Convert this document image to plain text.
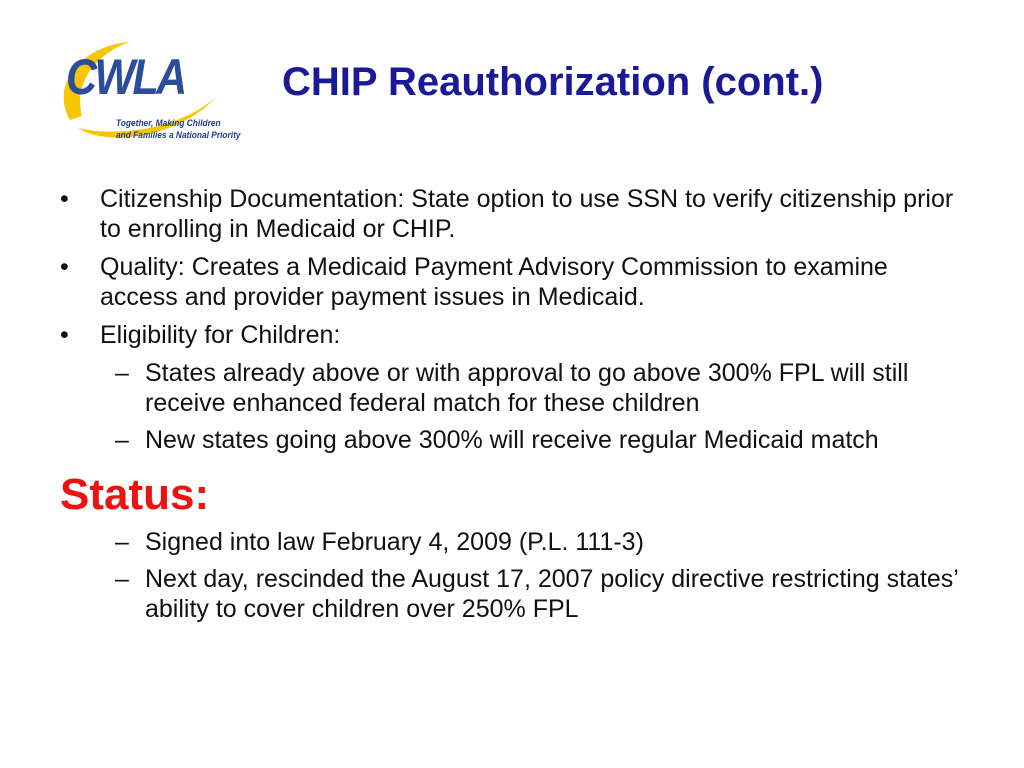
CWLA
Together, Making Children
and Families a National Priority
CHIP Reauthorization (cont.)
• Citizenship Documentation: State option to use SSN to verify citizenship prior to enrolling in Medicaid or CHIP.
• Quality: Creates a Medicaid Payment Advisory Commission to examine access and provider payment issues in Medicaid.
• Eligibility for Children:
– States already above or with approval to go above 300% FPL will still receive enhanced federal match for these children
– New states going above 300% will receive regular Medicaid match
Status:
– Signed into law February 4, 2009 (P.L. 111-3)
– Next day, rescinded the August 17, 2007 policy directive restricting states’ ability to cover children over 250% FPL
